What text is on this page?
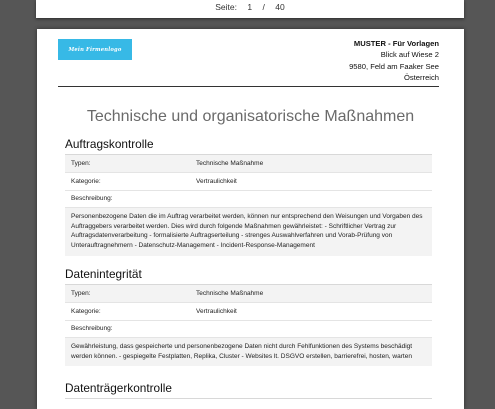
Seite: 1 / 40
Mein Firmenlogo
MUSTER - Für Vorlagen
Blick auf Wiese 2
9580, Feld am Faaker See
Österreich
Technische und organisatorische Maßnahmen
Auftragskontrolle
Typen:	Technische Maßnahme
Kategorie:	Vertraulichkeit
Beschreibung:
Personenbezogene Daten die im Auftrag verarbeitet werden, können nur entsprechend den Weisungen und Vorgaben des Auftraggebers verarbeitet werden. Dies wird durch folgende Maßnahmen gewährleistet: - Schriftlicher Vertrag zur Auftragsdatenverarbeitung - formalisierte Auftragserteilung - strenges Auswahlverfahren und Vorab-Prüfung von Unterauftragnehmern - Datenschutz-Management - Incident-Response-Management
Datenintegrität
Typen:	Technische Maßnahme
Kategorie:	Vertraulichkeit
Beschreibung:
Gewährleistung, dass gespeicherte und personenbezogene Daten nicht durch Fehlfunktionen des Systems beschädigt werden können. - gespiegelte Festplatten, Replika, Cluster - Websites lt. DSGVO erstellen, barrierefrei, hosten, warten
Datenträgerkontrolle
